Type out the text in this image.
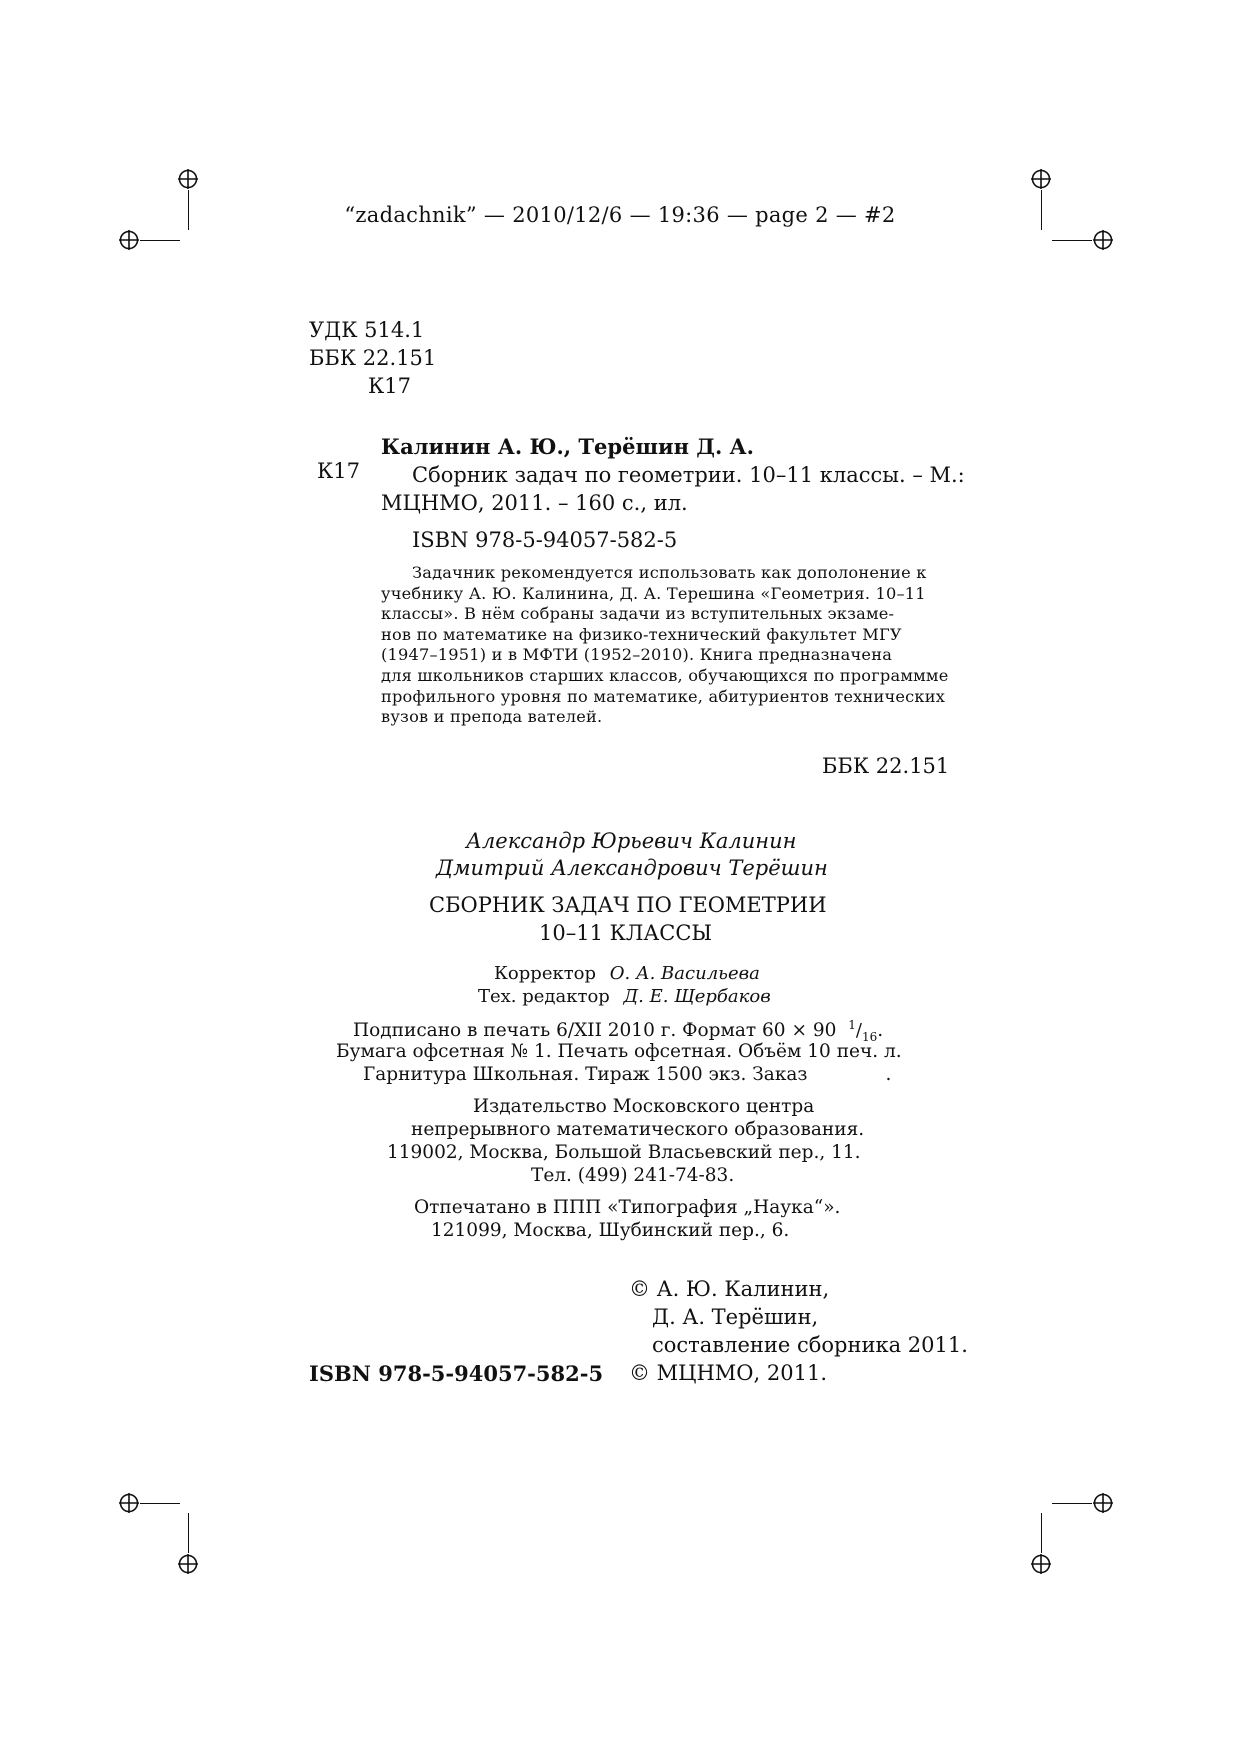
“zadachnik” — 2010/12/6 — 19:36 — page 2 — #2
УДК 514.1
ББК 22.151
К17
Калинин А. Ю., Терёшин Д. А.
К17 Сборник задач по геометрии. 10–11 классы. – М.:
МЦНМО, 2011. – 160 с., ил.
ISBN 978-5-94057-582-5
Задачник рекомендуется использовать как дополонение к
учебнику А. Ю. Калинина, Д. А. Терешина «Геометрия. 10–11
классы». В нём собраны задачи из вступительных экзаме-
нов по математике на физико-технический факультет МГУ
(1947–1951) и в МФТИ (1952–2010). Книга предназначена
для школьников старших классов, обучающихся по программме
профильного уровня по математике, абитуриентов технических
вузов и препода вателей.
ББК 22.151
Александр Юрьевич Калинин
Дмитрий Александрович Терёшин
СБОРНИК ЗАДАЧ ПО ГЕОМЕТРИИ
10–11 КЛАССЫ
Корректор О. А. Васильева
Тех. редактор Д. Е. Щербаков
Подписано в печать 6/XII 2010 г. Формат 60 × 90 $^1/_{16}$.
Бумага офсетная № 1. Печать офсетная. Объём 10 печ. л.
Гарнитура Школьная. Тираж 1500 экз. Заказ	.
Издательство Московского центра
непрерывного математического образования.
119002, Москва, Большой Власьевский пер., 11.
Тел. (499) 241-74-83.
Отпечатано в ППП «Типография „Наука“».
121099, Москва, Шубинский пер., 6.
© А. Ю. Калинин,
Д. А. Терёшин,
составление сборника 2011.
© МЦНМО, 2011.
ISBN 978-5-94057-582-5
